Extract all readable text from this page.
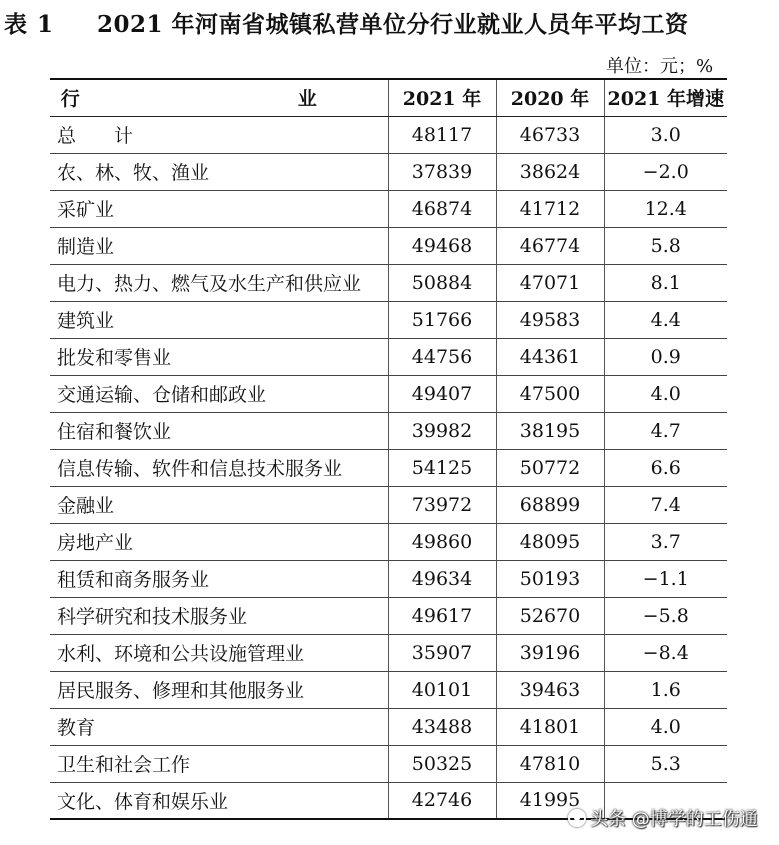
表 1 2021 年河南省城镇私营单位分行业就业人员年平均工资
单位：元；%
行　　业	2021 年	2020 年	2021 年增速
总　　计	48117	46733	3.0
农、林、牧、渔业	37839	38624	−2.0
采矿业	46874	41712	12.4
制造业	49468	46774	5.8
电力、热力、燃气及水生产和供应业	50884	47071	8.1
建筑业	51766	49583	4.4
批发和零售业	44756	44361	0.9
交通运输、仓储和邮政业	49407	47500	4.0
住宿和餐饮业	39982	38195	4.7
信息传输、软件和信息技术服务业	54125	50772	6.6
金融业	73972	68899	7.4
房地产业	49860	48095	3.7
租赁和商务服务业	49634	50193	−1.1
科学研究和技术服务业	49617	52670	−5.8
水利、环境和公共设施管理业	35907	39196	−8.4
居民服务、修理和其他服务业	40101	39463	1.6
教育	43488	41801	4.0
卫生和社会工作	50325	47810	5.3
文化、体育和娱乐业	42746	41995	
头条 @博学的工伤通
